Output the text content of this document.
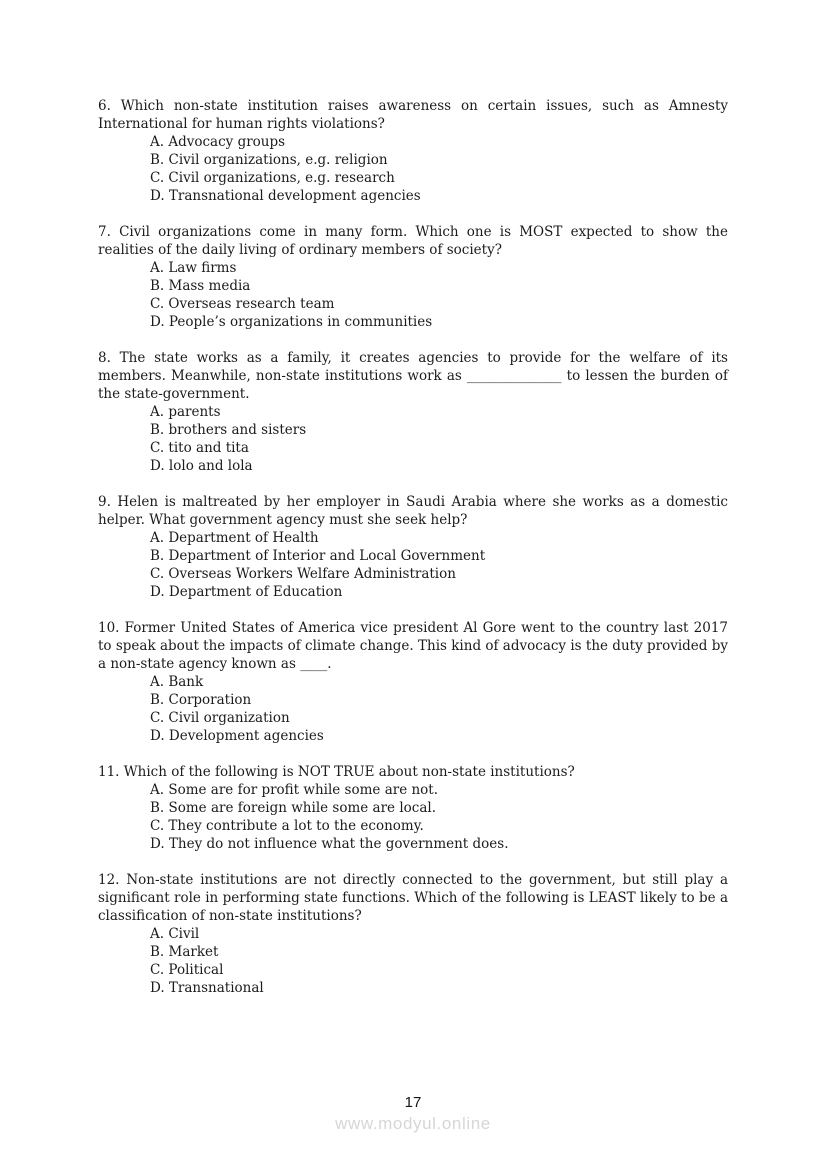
6. Which non-state institution raises awareness on certain issues, such as Amnesty International for human rights violations?

A. Advocacy groups

B. Civil organizations, e.g. religion

C. Civil organizations, e.g. research

D. Transnational development agencies

7. Civil organizations come in many form. Which one is MOST expected to show the realities of the daily living of ordinary members of society?

A. Law firms

B. Mass media

C. Overseas research team

D. People’s organizations in communities

8. The state works as a family, it creates agencies to provide for the welfare of its members. Meanwhile, non-state institutions work as ______________ to lessen the burden of the state-government.

A. parents

B. brothers and sisters

C. tito and tita

D. lolo and lola

9. Helen is maltreated by her employer in Saudi Arabia where she works as a domestic helper. What government agency must she seek help?

A. Department of Health

B. Department of Interior and Local Government

C. Overseas Workers Welfare Administration

D. Department of Education

10. Former United States of America vice president Al Gore went to the country last 2017 to speak about the impacts of climate change. This kind of advocacy is the duty provided by a non-state agency known as ____.

A. Bank

B. Corporation

C. Civil organization

D. Development agencies

11. Which of the following is NOT TRUE about non-state institutions?

A. Some are for profit while some are not.

B. Some are foreign while some are local.

C. They contribute a lot to the economy.

D. They do not influence what the government does.

12. Non-state institutions are not directly connected to the government, but still play a significant role in performing state functions. Which of the following is LEAST likely to be a classification of non-state institutions?

A. Civil

B. Market

C. Political

D. Transnational

17
www.modyul.online
